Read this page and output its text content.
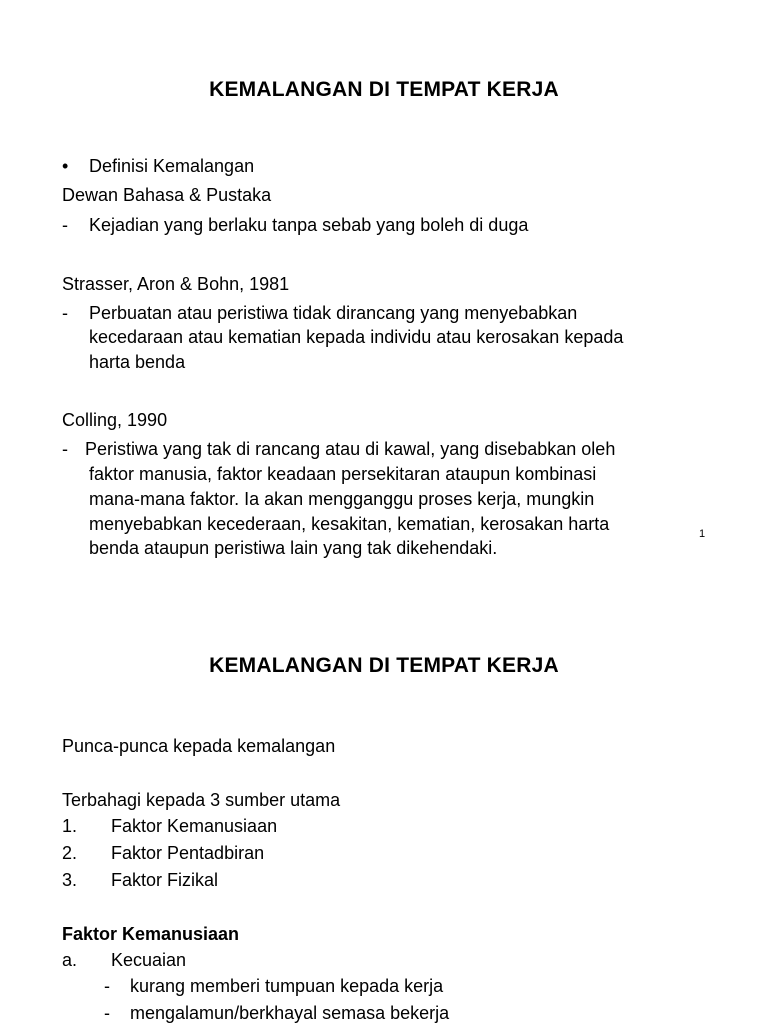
KEMALANGAN DI TEMPAT KERJA
• Definisi Kemalangan
Dewan Bahasa & Pustaka
- Kejadian yang berlaku tanpa sebab yang boleh di duga
Strasser, Aron & Bohn, 1981
- Perbuatan atau peristiwa tidak dirancang yang menyebabkan
kecedaraan atau kematian kepada individu atau kerosakan kepada
harta benda
Colling, 1990
- Peristiwa yang tak di rancang atau di kawal, yang disebabkan oleh
faktor manusia, faktor keadaan persekitaran ataupun kombinasi
mana-mana faktor. Ia akan mengganggu proses kerja, mungkin
menyebabkan kecederaan, kesakitan, kematian, kerosakan harta
benda ataupun peristiwa lain yang tak dikehendaki.
1
KEMALANGAN DI TEMPAT KERJA
Punca-punca kepada kemalangan
Terbahagi kepada 3 sumber utama
1. Faktor Kemanusiaan
2. Faktor Pentadbiran
3. Faktor Fizikal
Faktor Kemanusiaan
a. Kecuaian
- kurang memberi tumpuan kepada kerja
- mengalamun/berkhayal semasa bekerja
